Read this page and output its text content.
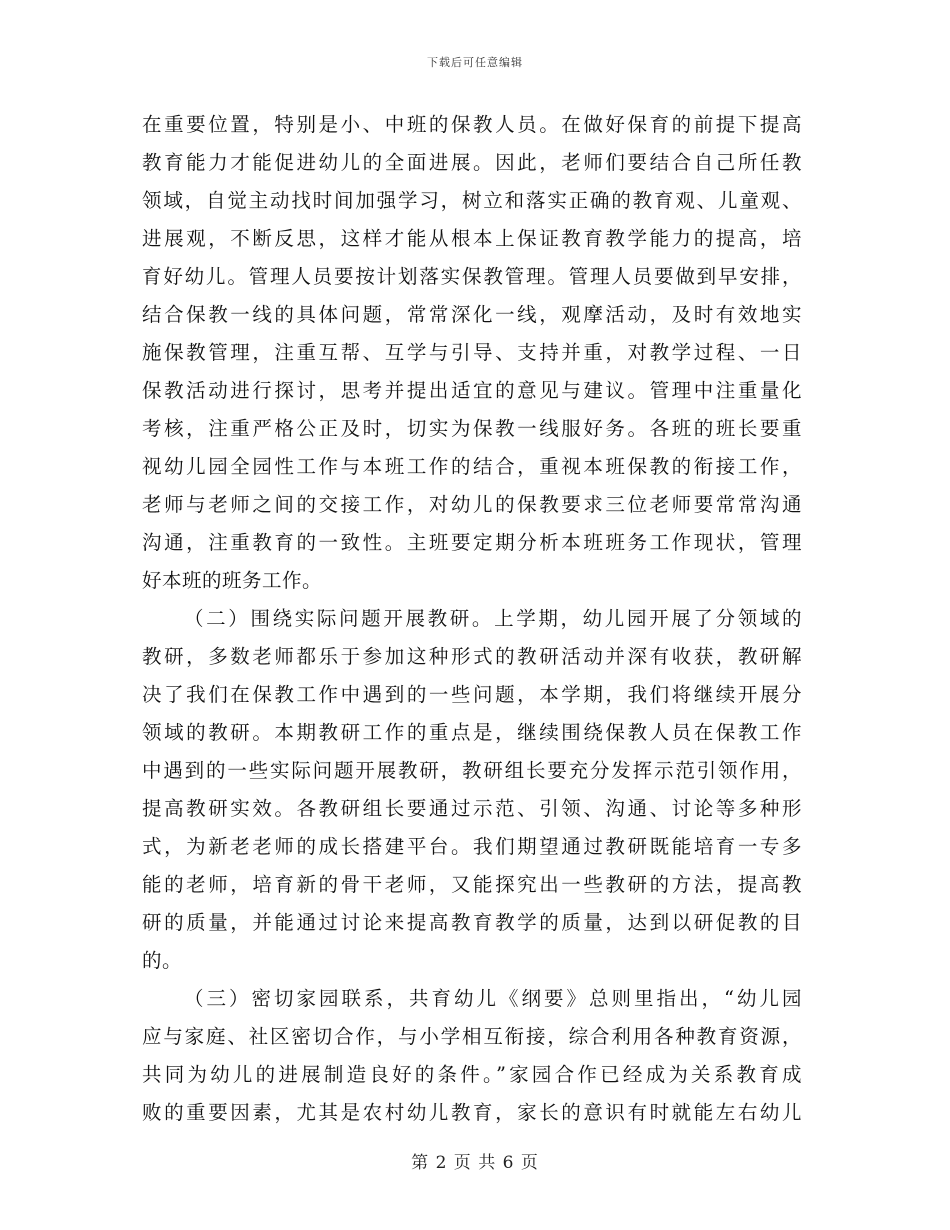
下载后可任意编辑
在重要位置，特别是小、中班的保教人员。在做好保育的前提下提高
教育能力才能促进幼儿的全面进展。因此，老师们要结合自己所任教
领域，自觉主动找时间加强学习，树立和落实正确的教育观、儿童观、
进展观，不断反思，这样才能从根本上保证教育教学能力的提高，培
育好幼儿。管理人员要按计划落实保教管理。管理人员要做到早安排，
结合保教一线的具体问题，常常深化一线，观摩活动，及时有效地实
施保教管理，注重互帮、互学与引导、支持并重，对教学过程、一日
保教活动进行探讨，思考并提出适宜的意见与建议。管理中注重量化
考核，注重严格公正及时，切实为保教一线服好务。各班的班长要重
视幼儿园全园性工作与本班工作的结合，重视本班保教的衔接工作，
老师与老师之间的交接工作，对幼儿的保教要求三位老师要常常沟通
沟通，注重教育的一致性。主班要定期分析本班班务工作现状，管理
好本班的班务工作。
（二）围绕实际问题开展教研。上学期，幼儿园开展了分领域的
教研，多数老师都乐于参加这种形式的教研活动并深有收获，教研解
决了我们在保教工作中遇到的一些问题，本学期，我们将继续开展分
领域的教研。本期教研工作的重点是，继续围绕保教人员在保教工作
中遇到的一些实际问题开展教研，教研组长要充分发挥示范引领作用，
提高教研实效。各教研组长要通过示范、引领、沟通、讨论等多种形
式，为新老老师的成长搭建平台。我们期望通过教研既能培育一专多
能的老师，培育新的骨干老师，又能探究出一些教研的方法，提高教
研的质量，并能通过讨论来提高教育教学的质量，达到以研促教的目
的。
（三）密切家园联系，共育幼儿《纲要》总则里指出，“幼儿园
应与家庭、社区密切合作，与小学相互衔接，综合利用各种教育资源，
共同为幼儿的进展制造良好的条件。”家园合作已经成为关系教育成
败的重要因素，尤其是农村幼儿教育，家长的意识有时就能左右幼儿
第 2 页 共 6 页
